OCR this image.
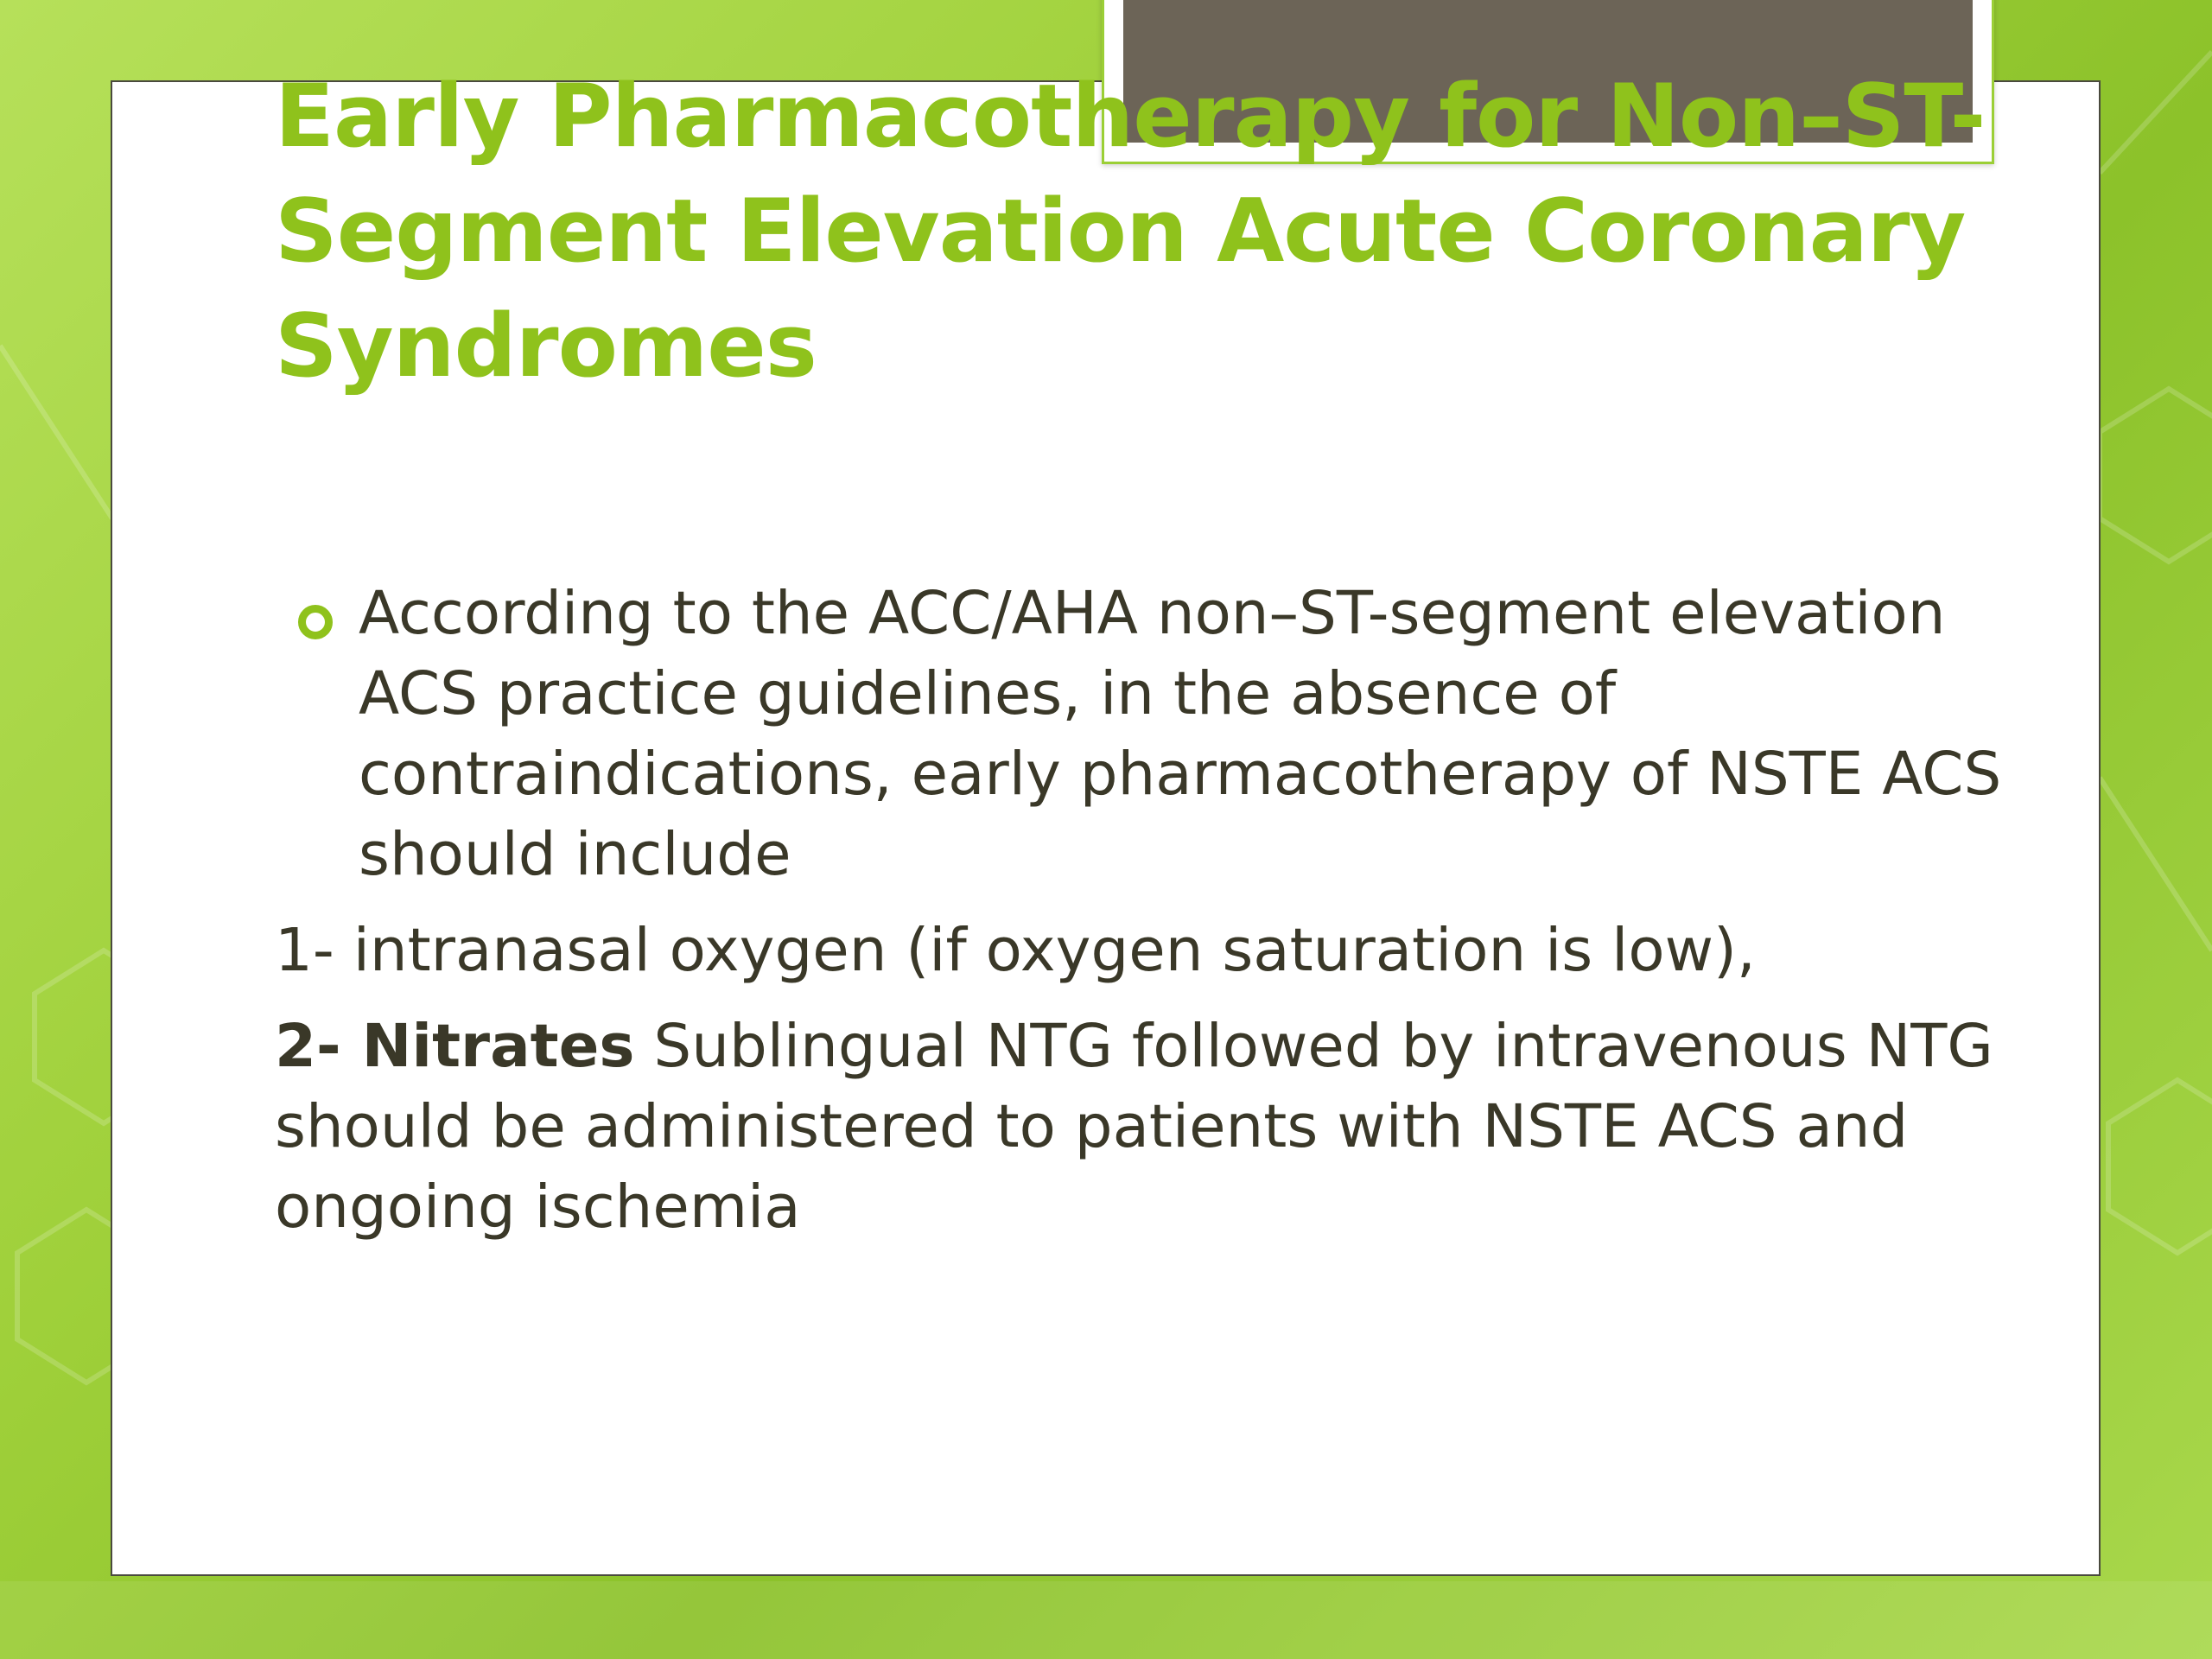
Early Pharmacotherapy for Non–ST-Segment Elevation Acute Coronary Syndromes

According to the ACC/AHA non–ST-segment elevation ACS practice guidelines, in the absence of contraindications, early pharmacotherapy of NSTE ACS should include

1- intranasal oxygen (if oxygen saturation is low),

2- Nitrates Sublingual NTG followed by intravenous NTG should be administered to patients with NSTE ACS and ongoing ischemia
